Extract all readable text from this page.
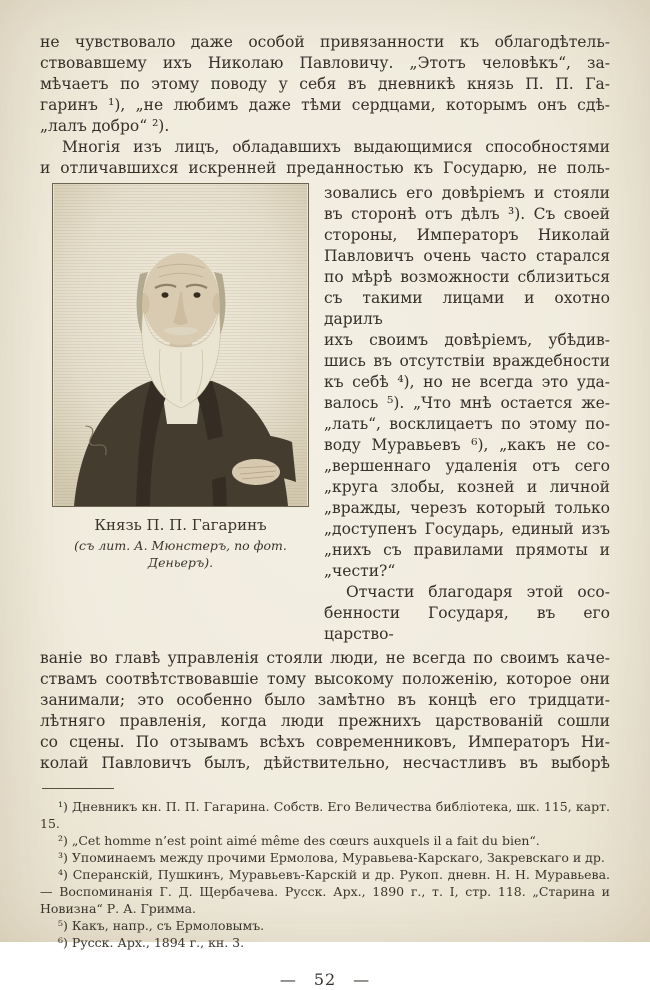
не чувствовало даже особой привязанности къ облагодѣтель-
ствовавшему ихъ Николаю Павловичу. „Этотъ человѣкъ“, за-
мѣчаетъ по этому поводу у себя въ дневникѣ князь П. П. Га-
гаринъ ¹), „не любимъ даже тѣми сердцами, которымъ онъ сдѣ-
„лалъ добро“ ²).
Многія изъ лицъ, обладавшихъ выдающимися способностями
и отличавшихся искренней преданностью къ Государю, не поль-
Князь П. П. Гагаринъ
(съ лит. А. Мюнстеръ, по фот. Деньеръ).
зовались его довѣріемъ и стояли
въ сторонѣ отъ дѣлъ ³). Съ своей
стороны, Императоръ Николай
Павловичъ очень часто старался
по мѣрѣ возможности сблизиться
съ такими лицами и охотно дарилъ
ихъ своимъ довѣріемъ, убѣдив-
шись въ отсутствіи враждебности
къ себѣ ⁴), но не всегда это уда-
валось ⁵). „Что мнѣ остается же-
„лать“, восклицаетъ по этому по-
воду Муравьевъ ⁶), „какъ не со-
„вершеннаго удаленія отъ сего
„круга злобы, козней и личной
„вражды, черезъ который только
„доступенъ Государь, единый изъ
„нихъ съ правилами прямоты и
„чести?“
Отчасти благодаря этой осо-
бенности Государя, въ его царство-
ваніе во главѣ управленія стояли люди, не всегда по своимъ каче-
ствамъ соотвѣтствовавшіе тому высокому положенію, которое они
занимали; это особенно было замѣтно въ концѣ его тридцати-
лѣтняго правленія, когда люди прежнихъ царствованій сошли
со сцены. По отзывамъ всѣхъ современниковъ, Императоръ Ни-
колай Павловичъ былъ, дѣйствительно, несчастливъ въ выборѣ

¹) Дневникъ кн. П. П. Гагарина. Собств. Его Величества библіотека, шк. 115, карт. 15.

²) „Cet homme n’est point aimé même des cœurs auxquels il a fait du bien“.

³) Упоминаемъ между прочими Ермолова, Муравьева-Карскаго, Закревскаго и др.

⁴) Сперанскій, Пушкинъ, Муравьевъ-Карскій и др. Рукоп. дневн. Н. Н. Муравьева.— Воспоминанія Г. Д. Щербачева. Русск. Арх., 1890 г., т. I, стр. 118. „Старина и Новизна“ Р. А. Гримма.

⁵) Какъ, напр., съ Ермоловымъ.

⁶) Русск. Арх., 1894 г., кн. 3.

— 52 —
